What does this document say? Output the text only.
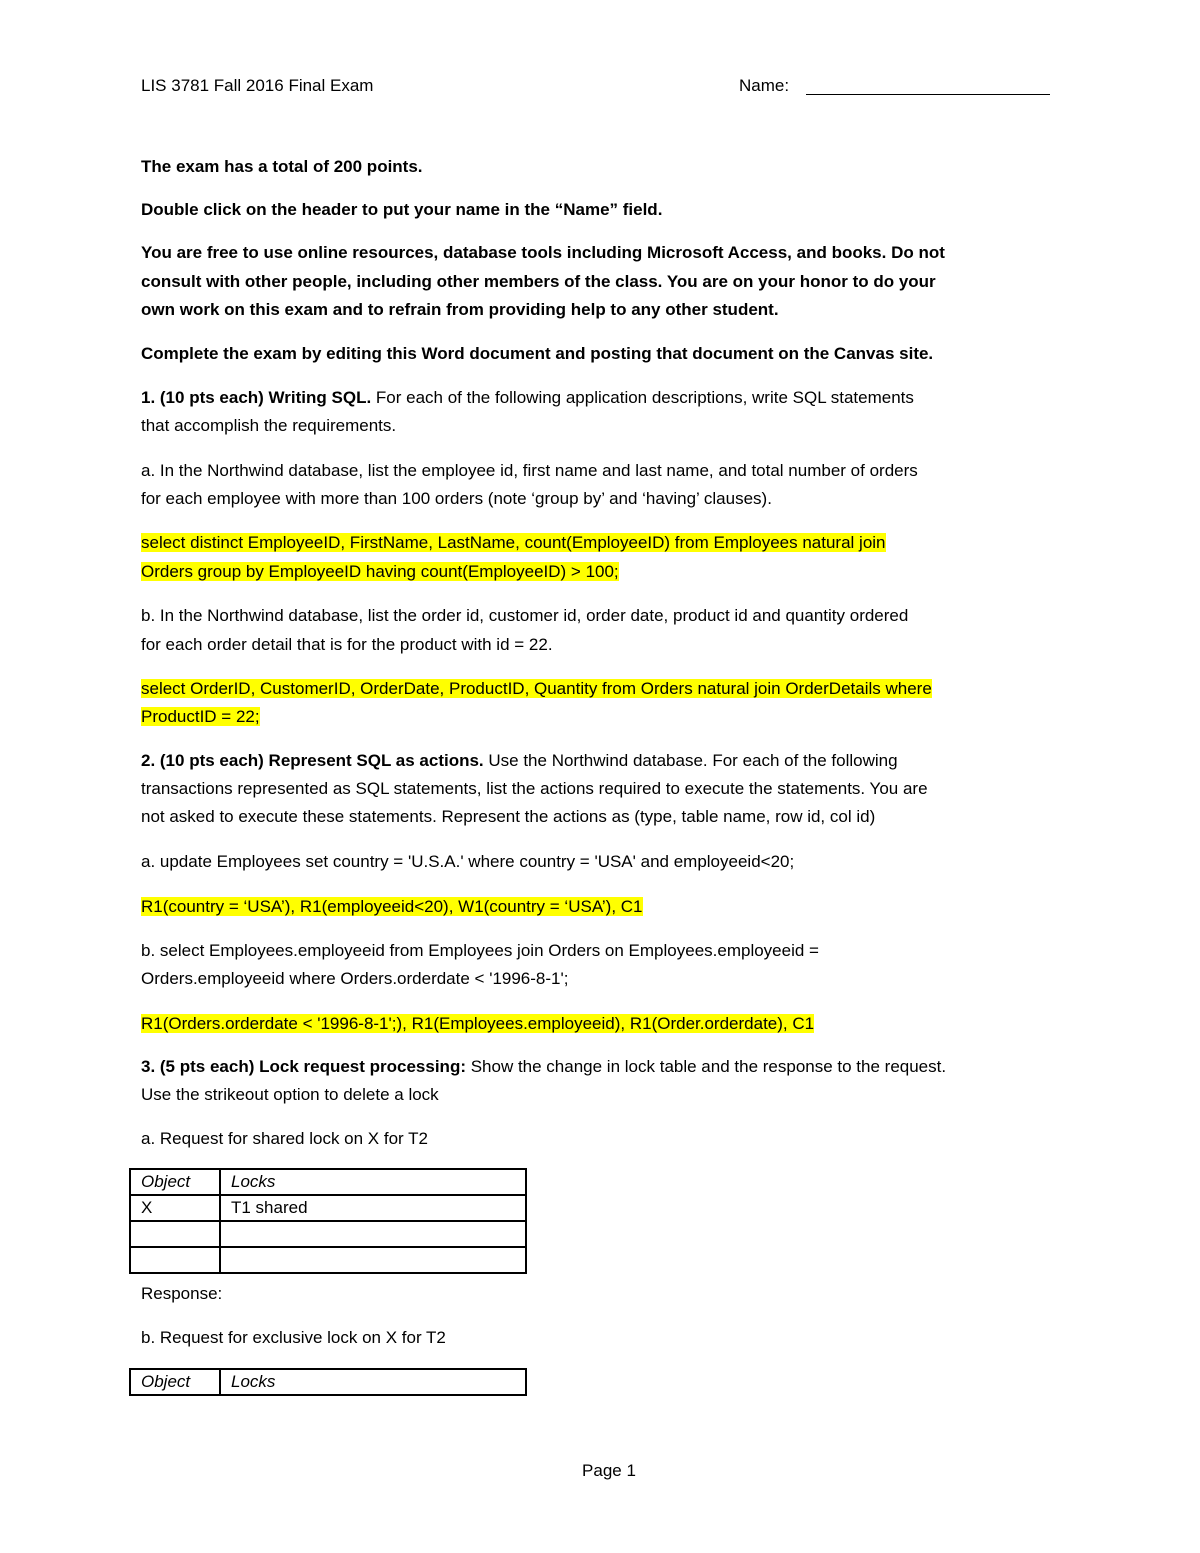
LIS 3781 Fall 2016 Final Exam	Name:
The exam has a total of 200 points.
Double click on the header to put your name in the “Name” field.
You are free to use online resources, database tools including Microsoft Access, and books. Do not
consult with other people, including other members of the class. You are on your honor to do your
own work on this exam and to refrain from providing help to any other student.
Complete the exam by editing this Word document and posting that document on the Canvas site.
1. (10 pts each) Writing SQL. For each of the following application descriptions, write SQL statements
that accomplish the requirements.
a. In the Northwind database, list the employee id, first name and last name, and total number of orders
for each employee with more than 100 orders (note ‘group by’ and ‘having’ clauses).
select distinct EmployeeID, FirstName, LastName, count(EmployeeID) from Employees natural join
Orders group by EmployeeID having count(EmployeeID) > 100;
b. In the Northwind database, list the order id, customer id, order date, product id and quantity ordered
for each order detail that is for the product with id = 22.
select OrderID, CustomerID, OrderDate, ProductID, Quantity from Orders natural join OrderDetails where
ProductID = 22;
2. (10 pts each) Represent SQL as actions. Use the Northwind database. For each of the following
transactions represented as SQL statements, list the actions required to execute the statements. You are
not asked to execute these statements. Represent the actions as (type, table name, row id, col id)
a. update Employees set country = 'U.S.A.' where country = 'USA' and employeeid<20;
R1(country = ‘USA’), R1(employeeid<20), W1(country = ‘USA’), C1
b. select Employees.employeeid from Employees join Orders on Employees.employeeid =
Orders.employeeid where Orders.orderdate < '1996-8-1';
R1(Orders.orderdate < '1996-8-1';), R1(Employees.employeeid), R1(Order.orderdate), C1
3. (5 pts each) Lock request processing: Show the change in lock table and the response to the request.
Use the strikeout option to delete a lock
a. Request for shared lock on X for T2
Object	Locks
X	T1 shared

Response:
b. Request for exclusive lock on X for T2
Object	Locks
Page 1
